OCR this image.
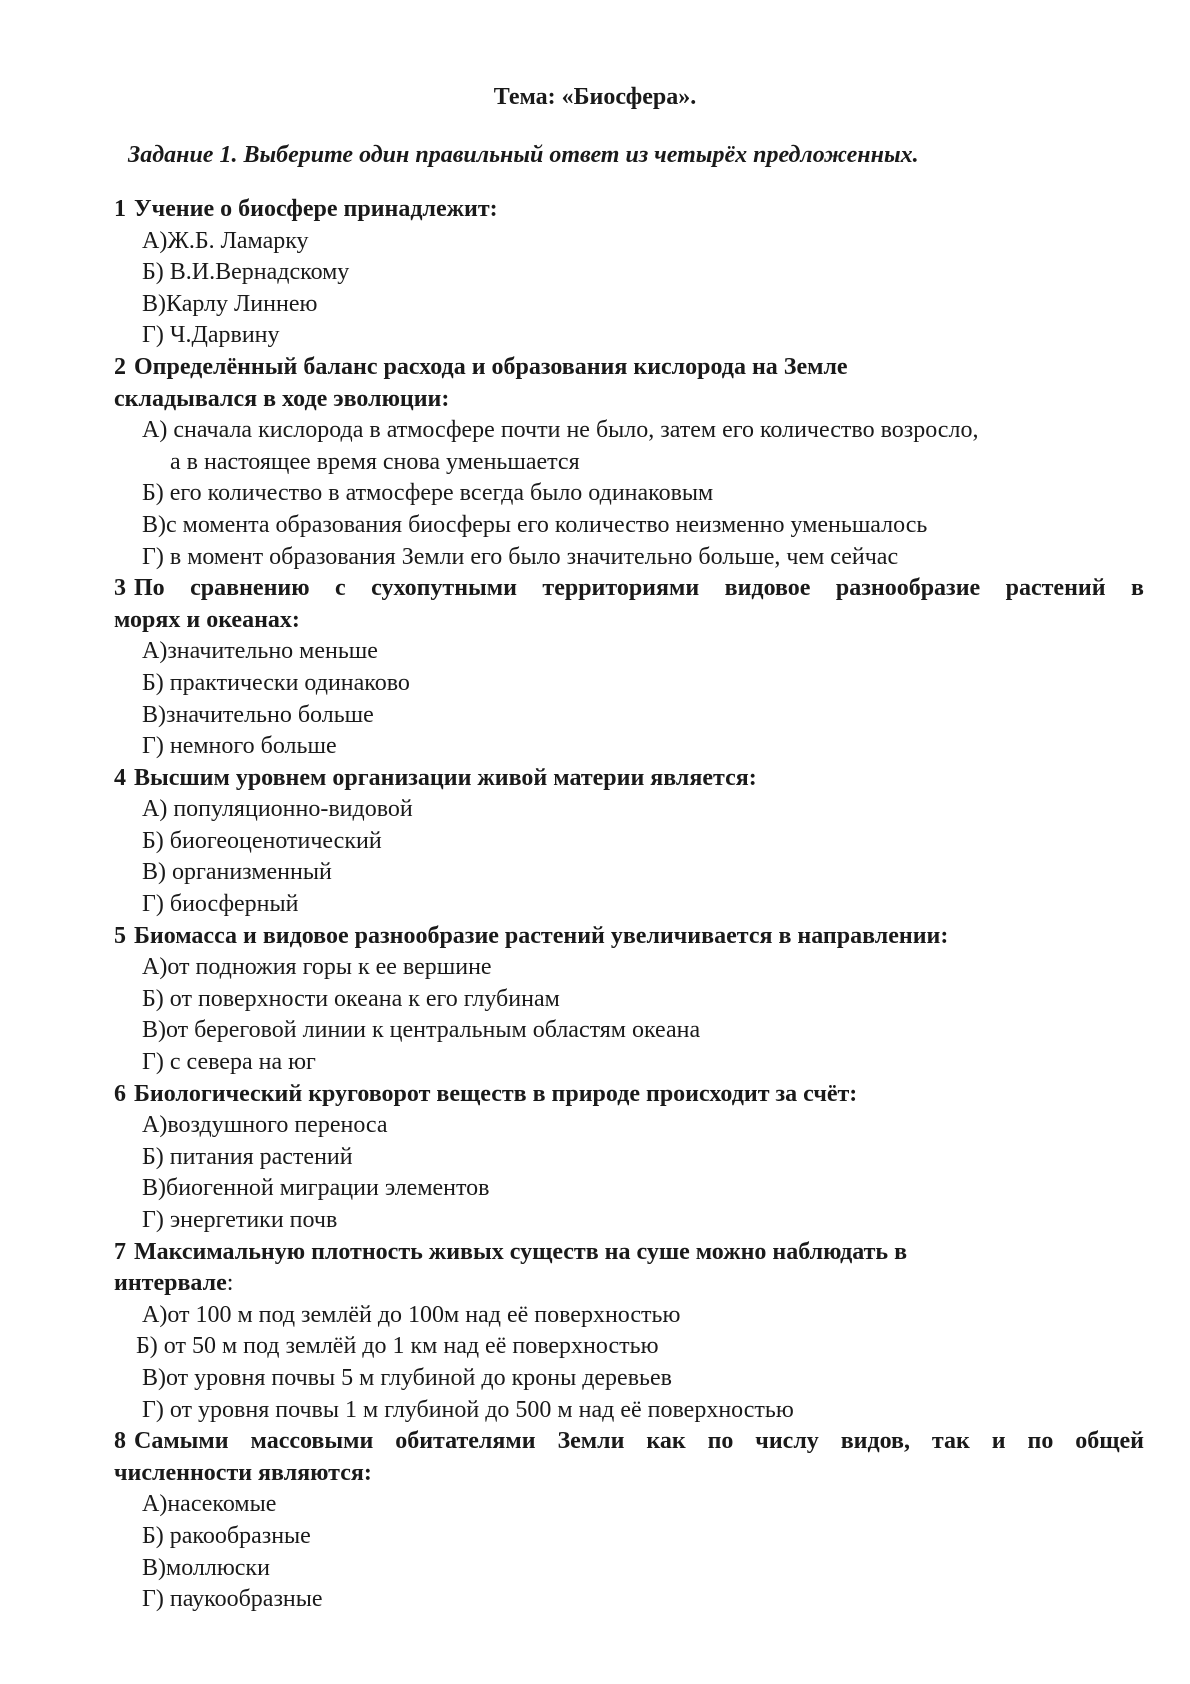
Тема: «Биосфера».
Задание 1. Выберите один правильный ответ из четырёх предложенных.
1 Учение о биосфере принадлежит:
А)Ж.Б. Ламарку
Б) В.И.Вернадскому
В)Карлу Линнею
Г) Ч.Дарвину
2 Определённый баланс расхода и образования кислорода на Земле
складывался в ходе эволюции:
А) сначала кислорода в атмосфере почти не было, затем его количество возросло,
а в настоящее время снова уменьшается
Б) его количество в атмосфере всегда было одинаковым
В)с момента образования биосферы его количество неизменно уменьшалось
Г) в момент образования Земли его было значительно больше, чем сейчас
3 По сравнению с сухопутными территориями видовое разнообразие растений в
морях и океанах:
А)значительно меньше
Б) практически одинаково
В)значительно больше
Г) немного больше
4 Высшим уровнем организации живой материи является:
А) популяционно-видовой
Б) биогеоценотический
В) организменный
Г) биосферный
5 Биомасса и видовое разнообразие растений увеличивается в направлении:
А)от подножия горы к ее вершине
Б) от поверхности океана к его глубинам
В)от береговой линии к центральным областям океана
Г) с севера на юг
6 Биологический круговорот веществ в природе происходит за счёт:
А)воздушного переноса
Б) питания растений
В)биогенной миграции элементов
Г) энергетики почв
7 Максимальную плотность живых существ на суше можно наблюдать в
интервале:
А)от 100 м под землёй до 100м над её поверхностью
Б) от 50 м под землёй до 1 км над её поверхностью
В)от уровня почвы 5 м глубиной до кроны деревьев
Г) от уровня почвы 1 м глубиной до 500 м над её поверхностью
8 Самыми массовыми обитателями Земли как по числу видов, так и по общей
численности являются:
А)насекомые
Б) ракообразные
В)моллюски
Г) паукообразные
